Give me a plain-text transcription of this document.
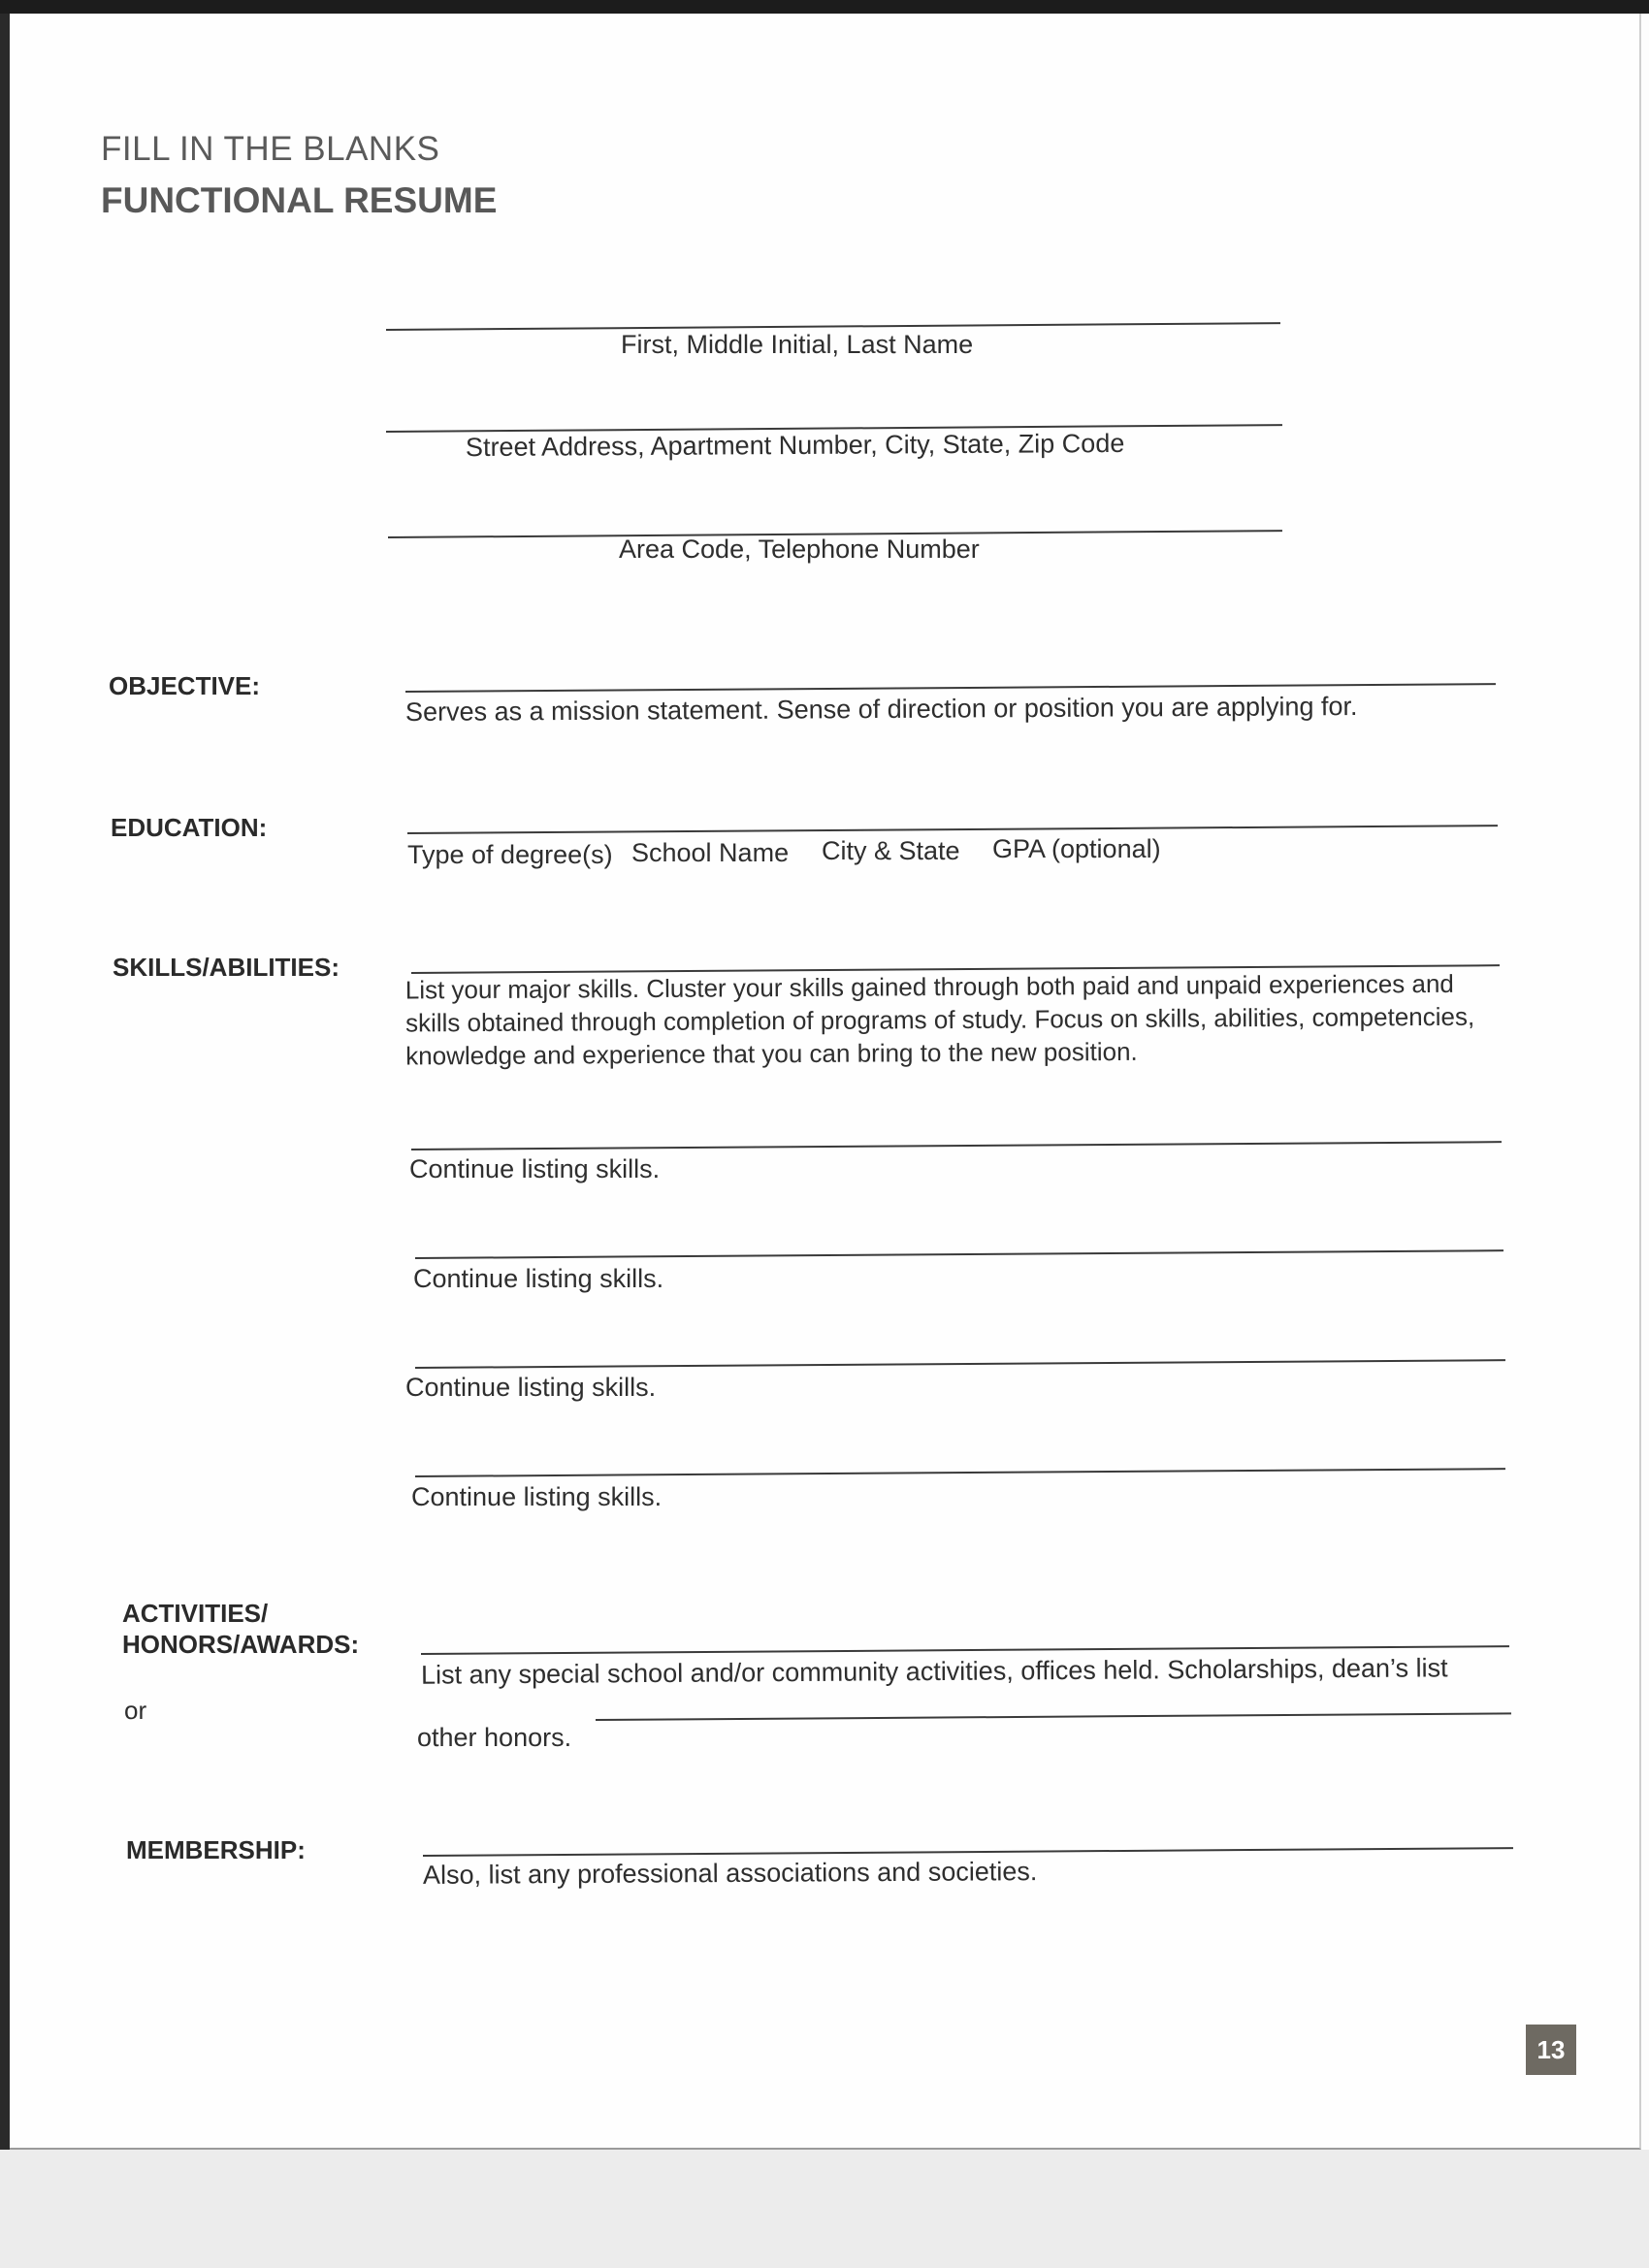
FILL IN THE BLANKS
FUNCTIONAL RESUME
First, Middle Initial, Last Name
Street Address, Apartment Number, City, State, Zip Code
Area Code, Telephone Number
OBJECTIVE:
Serves as a mission statement. Sense of direction or position you are applying for.
EDUCATION:
Type of degree(s) School Name City & State GPA (optional)
SKILLS/ABILITIES:
List your major skills. Cluster your skills gained through both paid and unpaid experiences and skills obtained through completion of programs of study. Focus on skills, abilities, competencies, knowledge and experience that you can bring to the new position.
Continue listing skills.
Continue listing skills.
Continue listing skills.
Continue listing skills.
ACTIVITIES/
HONORS/AWARDS:
or
List any special school and/or community activities, offices held. Scholarships, dean’s list
other honors.
MEMBERSHIP:
Also, list any professional associations and societies.
13
